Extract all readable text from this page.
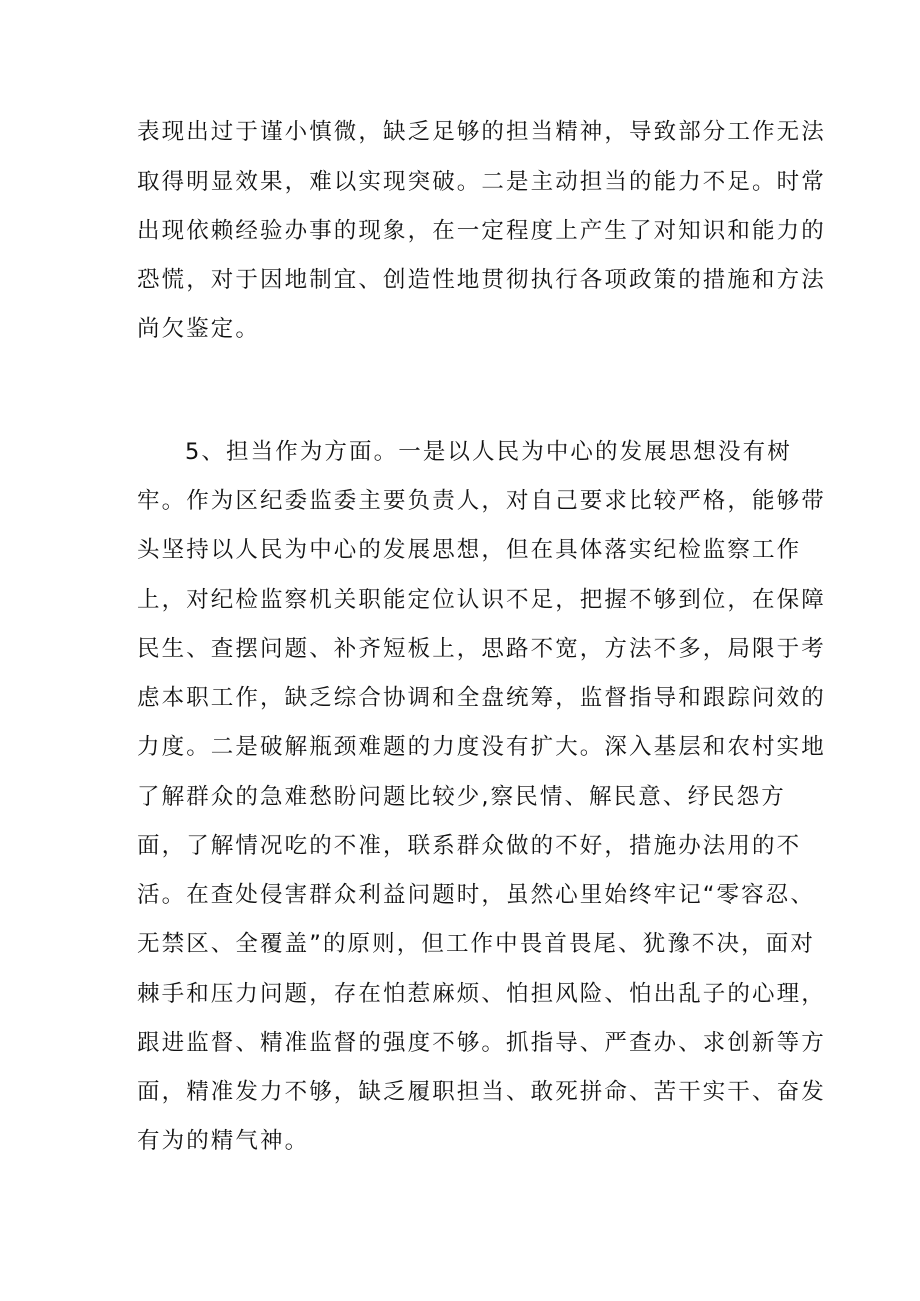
表现出过于谨小慎微，缺乏足够的担当精神，导致部分工作无法
取得明显效果，难以实现突破。二是主动担当的能力不足。时常
出现依赖经验办事的现象，在一定程度上产生了对知识和能力的
恐慌，对于因地制宜、创造性地贯彻执行各项政策的措施和方法
尚欠鉴定。
5、担当作为方面。一是以人民为中心的发展思想没有树
牢。作为区纪委监委主要负责人，对自己要求比较严格，能够带
头坚持以人民为中心的发展思想，但在具体落实纪检监察工作
上，对纪检监察机关职能定位认识不足，把握不够到位，在保障
民生、查摆问题、补齐短板上，思路不宽，方法不多，局限于考
虑本职工作，缺乏综合协调和全盘统筹，监督指导和跟踪问效的
力度。二是破解瓶颈难题的力度没有扩大。深入基层和农村实地
了解群众的急难愁盼问题比较少,察民情、解民意、纾民怨方
面，了解情况吃的不准，联系群众做的不好，措施办法用的不
活。在查处侵害群众利益问题时，虽然心里始终牢记“零容忍、
无禁区、全覆盖”的原则，但工作中畏首畏尾、犹豫不决，面对
棘手和压力问题，存在怕惹麻烦、怕担风险、怕出乱子的心理，
跟进监督、精准监督的强度不够。抓指导、严查办、求创新等方
面，精准发力不够，缺乏履职担当、敢死拼命、苦干实干、奋发
有为的精气神。
